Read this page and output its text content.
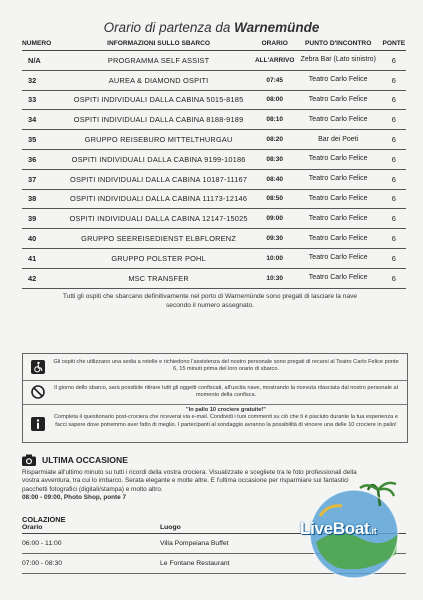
Orario di partenza da Warnemünde
NUMERO	INFORMAZIONI SULLO SBARCO	ORARIO	PUNTO D'INCONTRO	PONTE
N/A	PROGRAMMA SELF ASSIST	ALL'ARRIVO	Zebra Bar (Lato sinistro)	6
32	AUREA & DIAMOND OSPITI	07:45	Teatro Carlo Felice	6
33	OSPITI INDIVIDUALI DALLA CABINA 5015-8185	08:00	Teatro Carlo Felice	6
34	OSPITI INDIVIDUALI DALLA CABINA 8188-9189	08:10	Teatro Carlo Felice	6
35	GRUPPO REISEBURO MITTELTHURGAU	08:20	Bar dei Poeti	6
36	OSPITI INDIVIDUALI DALLA CABINA 9199-10186	08:30	Teatro Carlo Felice	6
37	OSPITI INDIVIDUALI DALLA CABINA 10187-11167	08:40	Teatro Carlo Felice	6
38	OSPITI INDIVIDUALI DALLA CABINA 11173-12146	08:50	Teatro Carlo Felice	6
39	OSPITI INDIVIDUALI DALLA CABINA 12147-15025	09:00	Teatro Carlo Felice	6
40	GRUPPO SEEREISEDIENST ELBFLORENZ	09:30	Teatro Carlo Felice	6
41	GRUPPO POLSTER POHL	10:00	Teatro Carlo Felice	6
42	MSC TRANSFER	10:30	Teatro Carlo Felice	6
Tutti gli ospiti che sbarcano definitivamente nel porto di Warnemünde sono pregati di lasciare la nave secondo il numero assegnato.
Gli ospiti che utilizzano una sedia a rotelle e richiedono l'assistenza del nostro personale sono pregati di recarsi al Teatro Carlo Felice ponte 6, 15 minuti prima del loro orario di sbarco.
Il giorno dello sbarco, sarà possibile ritirare tutti gli oggetti confiscati, all'uscita nave, mostrando la ricevuta rilasciata dal nostro personale al momento della confisca.
"In palio 10 crociere gratuite!"
Completa il questionario post-crociera che riceverai via e-mail. Condividi i tuoi commenti su ciò che ti è piaciuto durante la tua esperienza e facci sapere dove potremmo aver fatto di meglio. I partecipanti al sondaggio avranno la possibilità di vincere una delle 10 crociere in palio!
ULTIMA OCCASIONE
Risparmiate all'ultimo minuto su tutti i ricordi della vostra crociera. Visualizzate e scegliete tra le foto professionali della vostra avventura, tra cui lo imbarco. Serata elegante e molte altre. E l'ultima occasione per risparmiare sui fantastici pacchetti fotografici (digitali/stampa) e molto altro.
08:00 - 09:00, Photo Shop, ponte 7
COLAZIONE
Orario	Luogo
06:00 - 11:00	Villa Pompeiana Buffet
07:00 - 08:30	Le Fontane Restaurant
LiveBoat.it
